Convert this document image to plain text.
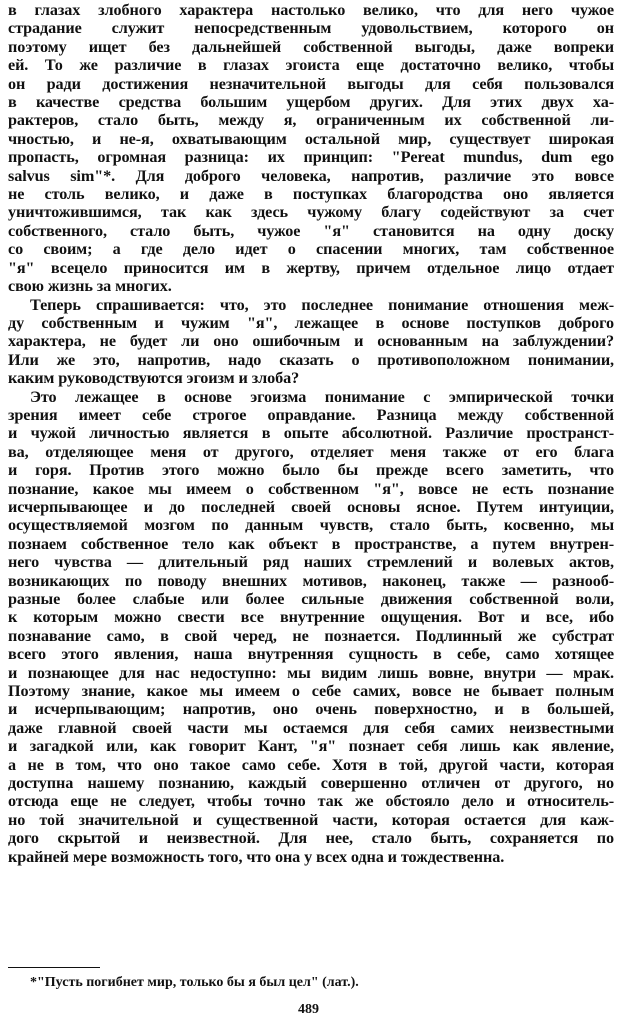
в глазах злобного характера настолько велико, что для него чужое
страдание служит непосредственным удовольствием, которого он
поэтому ищет без дальнейшей собственной выгоды, даже вопреки
ей. То же различие в глазах эгоиста еще достаточно велико, чтобы
он ради достижения незначительной выгоды для себя пользовался
в качестве средства большим ущербом других. Для этих двух ха-
рактеров, стало быть, между я, ограниченным их собственной ли-
чностью, и не-я, охватывающим остальной мир, существует широкая
пропасть, огромная разница: их принцип: "Pereat mundus, dum ego
salvus sim"*. Для доброго человека, напротив, различие это вовсе
не столь велико, и даже в поступках благородства оно является
уничтожившимся, так как здесь чужому благу содействуют за счет
собственного, стало быть, чужое "я" становится на одну доску
со своим; а где дело идет о спасении многих, там собственное
"я" всецело приносится им в жертву, причем отдельное лицо отдает
свою жизнь за многих.
Теперь спрашивается: что, это последнее понимание отношения меж-
ду собственным и чужим "я", лежащее в основе поступков доброго
характера, не будет ли оно ошибочным и основанным на заблуждении?
Или же это, напротив, надо сказать о противоположном понимании,
каким руководствуются эгоизм и злоба?
Это лежащее в основе эгоизма понимание с эмпирической точки
зрения имеет себе строгое оправдание. Разница между собственной
и чужой личностью является в опыте абсолютной. Различие пространст-
ва, отделяющее меня от другого, отделяет меня также от его блага
и горя. Против этого можно было бы прежде всего заметить, что
познание, какое мы имеем о собственном "я", вовсе не есть познание
исчерпывающее и до последней своей основы ясное. Путем интуиции,
осуществляемой мозгом по данным чувств, стало быть, косвенно, мы
познаем собственное тело как объект в пространстве, а путем внутрен-
него чувства — длительный ряд наших стремлений и волевых актов,
возникающих по поводу внешних мотивов, наконец, также — разнооб-
разные более слабые или более сильные движения собственной воли,
к которым можно свести все внутренние ощущения. Вот и все, ибо
познавание само, в свой черед, не познается. Подлинный же субстрат
всего этого явления, наша внутренняя сущность в себе, само хотящее
и познающее для нас недоступно: мы видим лишь вовне, внутри — мрак.
Поэтому знание, какое мы имеем о себе самих, вовсе не бывает полным
и исчерпывающим; напротив, оно очень поверхностно, и в большей,
даже главной своей части мы остаемся для себя самих неизвестными
и загадкой или, как говорит Кант, "я" познает себя лишь как явление,
а не в том, что оно такое само себе. Хотя в той, другой части, которая
доступна нашему познанию, каждый совершенно отличен от другого, но
отсюда еще не следует, чтобы точно так же обстояло дело и относитель-
но той значительной и существенной части, которая остается для каж-
дого скрытой и неизвестной. Для нее, стало быть, сохраняется по
крайней мере возможность того, что она у всех одна и тождественна.
*"Пусть погибнет мир, только бы я был цел" (лат.).
489
